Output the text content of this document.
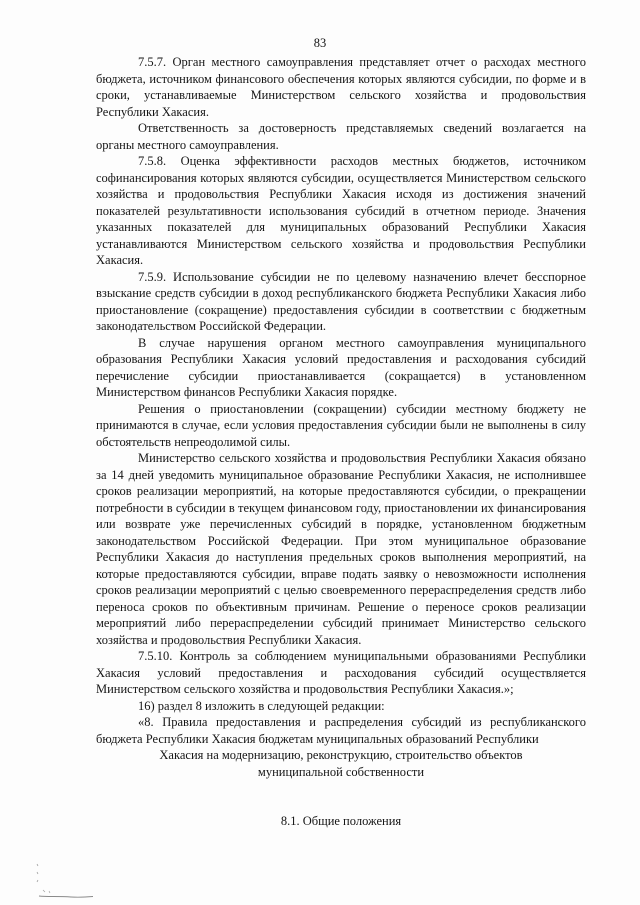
83

7.5.7. Орган местного самоуправления представляет отчет о расходах местного бюджета, источником финансового обеспечения которых являются субсидии, по форме и в сроки, устанавливаемые Министерством сельского хозяйства и продовольствия Республики Хакасия.

Ответственность за достоверность представляемых сведений возлагается на органы местного самоуправления.

7.5.8. Оценка эффективности расходов местных бюджетов, источником софинансирования которых являются субсидии, осуществляется Министерством сельского хозяйства и продовольствия Республики Хакасия исходя из достижения значений показателей результативности использования субсидий в отчетном периоде. Значения указанных показателей для муниципальных образований Республики Хакасия устанавливаются Министерством сельского хозяйства и продовольствия Республики Хакасия.

7.5.9. Использование субсидии не по целевому назначению влечет бесспорное взыскание средств субсидии в доход республиканского бюджета Республики Хакасия либо приостановление (сокращение) предоставления субсидии в соответствии с бюджетным законодательством Российской Федерации.

В случае нарушения органом местного самоуправления муниципального образования Республики Хакасия условий предоставления и расходования субсидий перечисление субсидии приостанавливается (сокращается) в установленном Министерством финансов Республики Хакасия порядке.

Решения о приостановлении (сокращении) субсидии местному бюджету не принимаются в случае, если условия предоставления субсидии были не выполнены в силу обстоятельств непреодолимой силы.

Министерство сельского хозяйства и продовольствия Республики Хакасия обязано за 14 дней уведомить муниципальное образование Республики Хакасия, не исполнившее сроков реализации мероприятий, на которые предоставляются субсидии, о прекращении потребности в субсидии в текущем финансовом году, приостановлении их финансирования или возврате уже перечисленных субсидий в порядке, установленном бюджетным законодательством Российской Федерации. При этом муниципальное образование Республики Хакасия до наступления предельных сроков выполнения мероприятий, на которые предоставляются субсидии, вправе подать заявку о невозможности исполнения сроков реализации мероприятий с целью своевременного перераспределения средств либо переноса сроков по объективным причинам. Решение о переносе сроков реализации мероприятий либо перераспределении субсидий принимает Министерство сельского хозяйства и продовольствия Республики Хакасия.

7.5.10. Контроль за соблюдением муниципальными образованиями Республики Хакасия условий предоставления и расходования субсидий осуществляется Министерством сельского хозяйства и продовольствия Республики Хакасия.»;

16) раздел 8 изложить в следующей редакции:

«8. Правила предоставления и распределения субсидий из республиканского бюджета Республики Хакасия бюджетам муниципальных образований Республики

Хакасия на модернизацию, реконструкцию, строительство объектов
муниципальной собственности
8.1. Общие положения
